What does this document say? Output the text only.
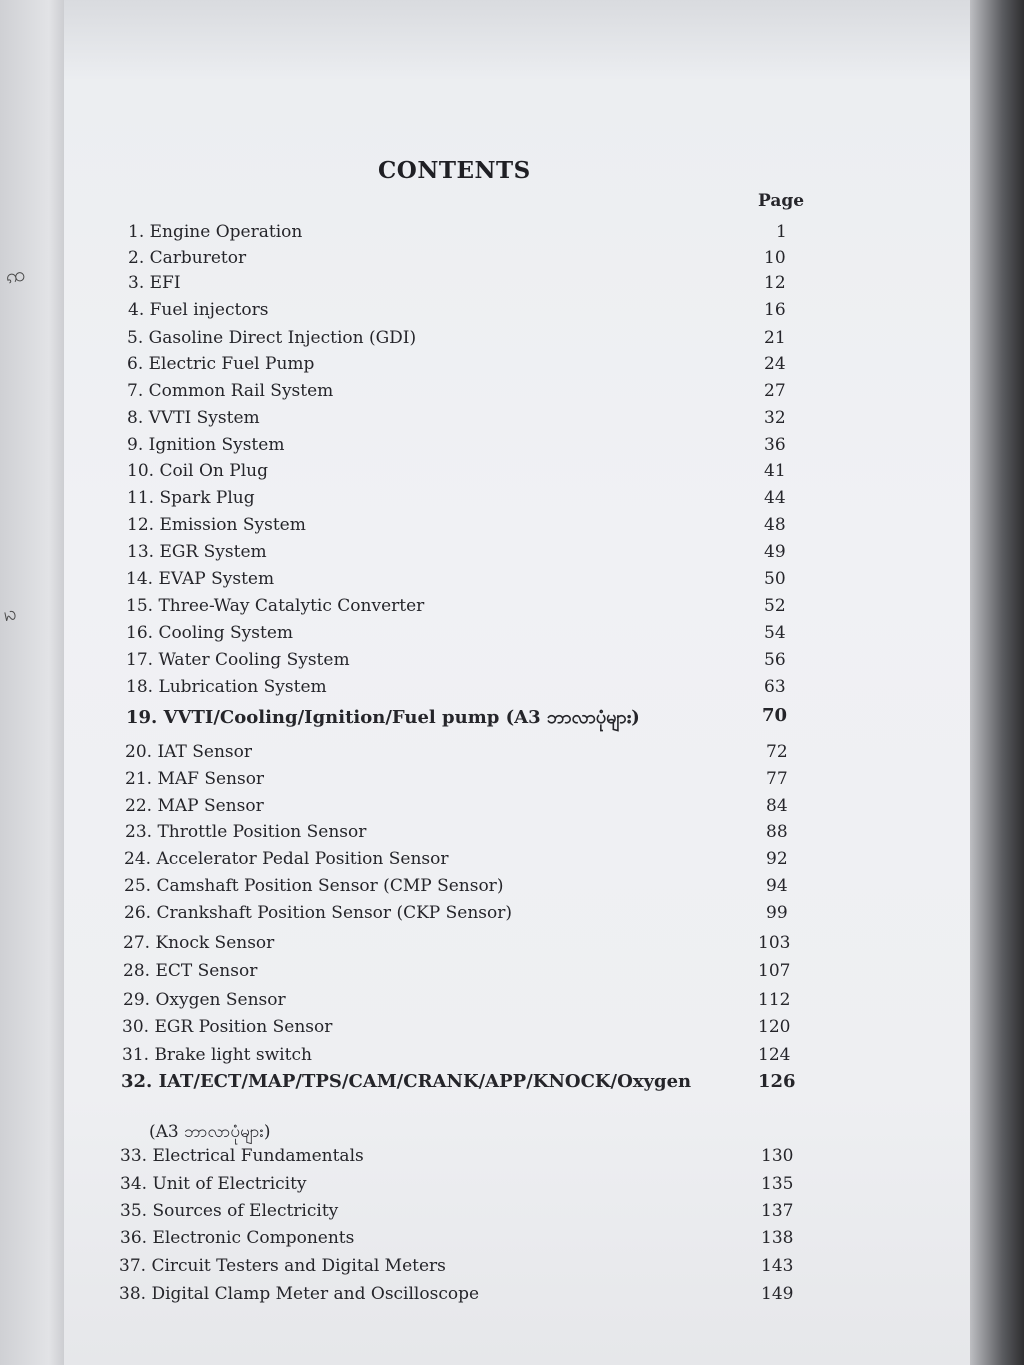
ꩡ
ꩢ
CONTENTS
Page
1. Engine Operation	1
2. Carburetor	10
3. EFI	12
4. Fuel injectors	16
5. Gasoline Direct Injection (GDI)	21
6. Electric Fuel Pump	24
7. Common Rail System	27
8. VVTI System	32
9. Ignition System	36
10. Coil On Plug	41
11. Spark Plug	44
12. Emission System	48
13. EGR System	49
14. EVAP System	50
15. Three-Way Catalytic Converter	52
16. Cooling System	54
17. Water Cooling System	56
18. Lubrication System	63
19. VVTI/Cooling/Ignition/Fuel pump (A3 ဘာလာပုံများ)	70
20. IAT Sensor	72
21. MAF Sensor	77
22. MAP Sensor	84
23. Throttle Position Sensor	88
24. Accelerator Pedal Position Sensor	92
25. Camshaft Position Sensor (CMP Sensor)	94
26. Crankshaft Position Sensor (CKP Sensor)	99
27. Knock Sensor	103
28. ECT Sensor	107
29. Oxygen Sensor	112
30. EGR Position Sensor	120
31. Brake light switch	124
32. IAT/ECT/MAP/TPS/CAM/CRANK/APP/KNOCK/Oxygen	126
33. Electrical Fundamentals	130
34. Unit of Electricity	135
35. Sources of Electricity	137
36. Electronic Components	138
37. Circuit Testers and Digital Meters	143
38. Digital Clamp Meter and Oscilloscope	149
(A3 ဘာလာပုံများ)
